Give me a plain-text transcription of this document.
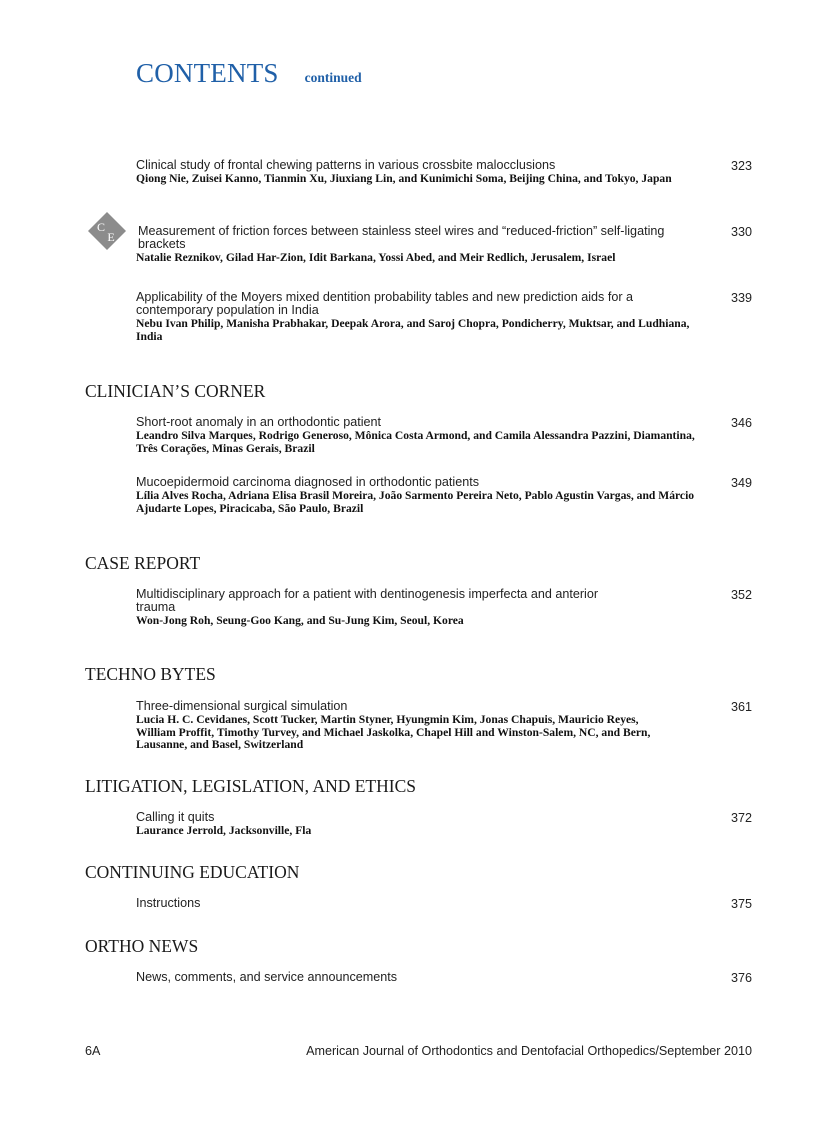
CONTENTS continued
Clinical study of frontal chewing patterns in various crossbite malocclusions
Qiong Nie, Zuisei Kanno, Tianmin Xu, Jiuxiang Lin, and Kunimichi Soma, Beijing China, and Tokyo, Japan
323
C
E Measurement of friction forces between stainless steel wires and “reduced-friction” self-ligating brackets
Natalie Reznikov, Gilad Har-Zion, Idit Barkana, Yossi Abed, and Meir Redlich, Jerusalem, Israel
330
Applicability of the Moyers mixed dentition probability tables and new prediction aids for a contemporary population in India
Nebu Ivan Philip, Manisha Prabhakar, Deepak Arora, and Saroj Chopra, Pondicherry, Muktsar, and Ludhiana, India
339
CLINICIAN’S CORNER
Short-root anomaly in an orthodontic patient
Leandro Silva Marques, Rodrigo Generoso, Mônica Costa Armond, and Camila Alessandra Pazzini, Diamantina, Três Corações, Minas Gerais, Brazil
346
Mucoepidermoid carcinoma diagnosed in orthodontic patients
Lília Alves Rocha, Adriana Elisa Brasil Moreira, João Sarmento Pereira Neto, Pablo Agustin Vargas, and Márcio Ajudarte Lopes, Piracicaba, São Paulo, Brazil
349
CASE REPORT
Multidisciplinary approach for a patient with dentinogenesis imperfecta and anterior trauma
Won-Jong Roh, Seung-Goo Kang, and Su-Jung Kim, Seoul, Korea
352
TECHNO BYTES
Three-dimensional surgical simulation
Lucia H. C. Cevidanes, Scott Tucker, Martin Styner, Hyungmin Kim, Jonas Chapuis, Mauricio Reyes, William Proffit, Timothy Turvey, and Michael Jaskolka, Chapel Hill and Winston-Salem, NC, and Bern, Lausanne, and Basel, Switzerland
361
LITIGATION, LEGISLATION, AND ETHICS
Calling it quits
Laurance Jerrold, Jacksonville, Fla
372
CONTINUING EDUCATION
Instructions	375
ORTHO NEWS
News, comments, and service announcements	376
6A	American Journal of Orthodontics and Dentofacial Orthopedics/September 2010
